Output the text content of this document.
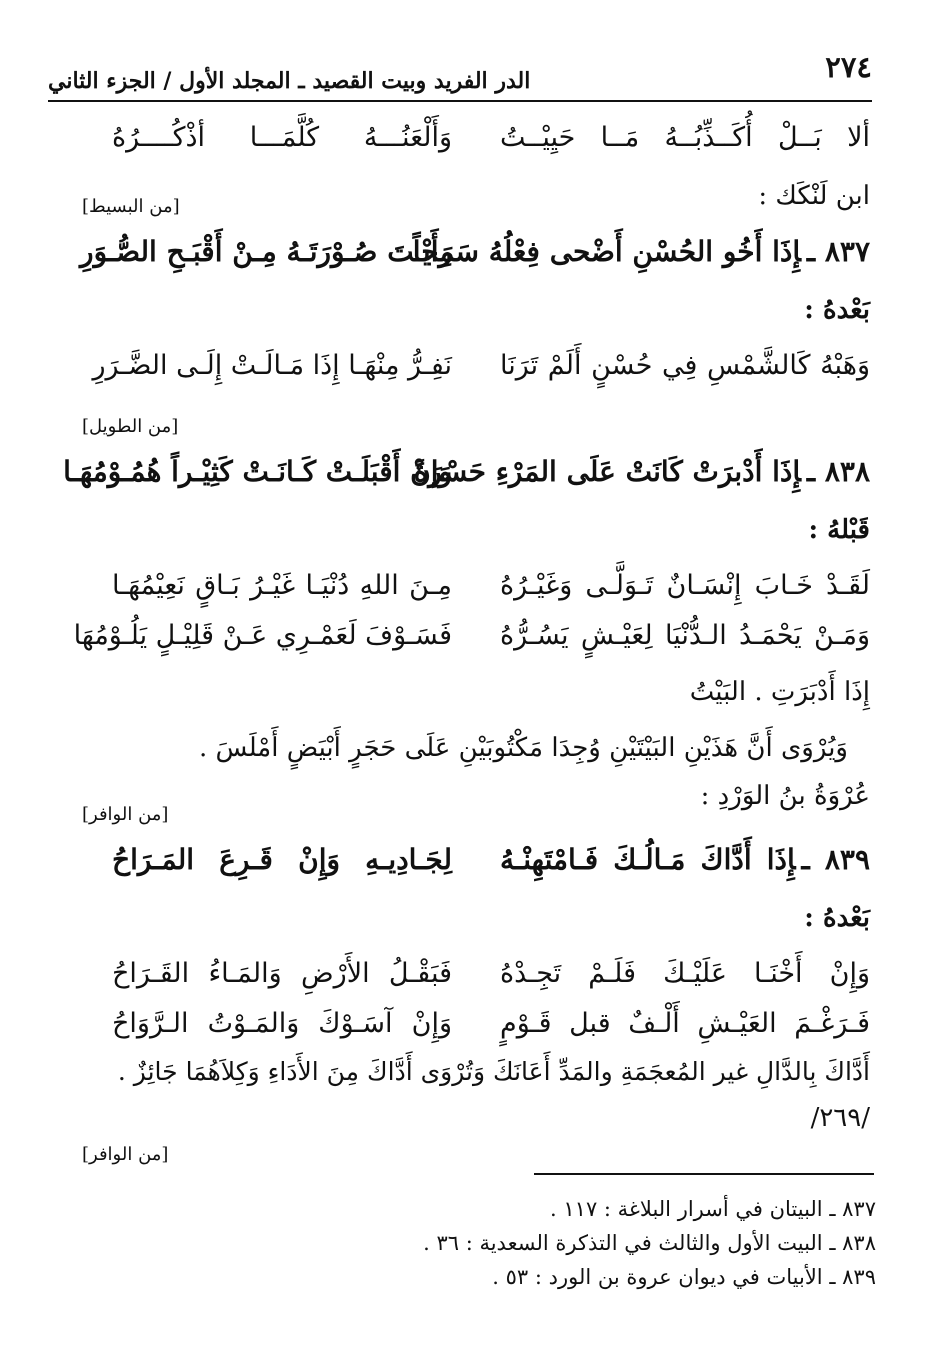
٢٧٤
الدر الفريد وبيت القصيد ـ المجلد الأول / الجزء الثاني
ألا بَــلْ أُكَــذِّبُــهُ مَــا حَيِيْــتُ
وَأَلْعَنُـــهُ كُلَّمَـــا أذْكُــــرُهُ
ابن لَنْكَك :
[من البسيط]
٨٣٧ ـإِذَا أَخُو الحُسْنِ أَضْحى فِعْلُهُ سَمِجاً
رَأَيْـتَ صُـوْرَتَـهُ مِـنْ أَقْبَـحِ الصُّـوَرِ
بَعْدهُ :
وَهَبْهُ كَالشَّمْسِ فِي حُسْنٍ أَلَمْ تَرَنَا
نَفِـرُّ مِنْهَـا إِذَا مَـالَـتْ إِلَـى الضَّـرَرِ
[من الطويل]
٨٣٨ ـإِذَا أَدْبرَتْ كَانَتْ عَلَى المَرْءِ حَسْرَةً
وَإنْ أَقْبَلَـتْ كَـانَـتْ كَثِيْـراً هُمُـوْمُهَـا
قَبْلهُ :
لَقَـدْ خَـابَ إِنْسَـانٌ تَـوَلَّـى وَغَيْـرُهُ
مِـنَ اللهِ دُنْيَـا غَيْـرُ بَـاقٍ نَعِيْمُهَـا
وَمَـنْ يَحْمَـدُ الـدُّنْيَا لِعَيْـشٍ يَسُـرُّهُ
فَسَـوْفَ لَعَمْـرِي عَـنْ قَلِيْـلٍ يَلُـوْمُهَا
إِذَا أَدْبَرَتِ . البَيْتُ
وَيُرْوَى أَنَّ هَذَيْنِ البَيْتَيْنِ وُجِدَا مَكْتُوبَيْنِ عَلَى حَجَرٍ أَبْيَضٍ أَمْلَسَ .
عُرْوَةُ بنُ الوَرْدِ :
[من الوافر]
٨٣٩ ـإِذَا أَدَّاكَ مَـالُـكَ فَـامْتَهِنْـهُ
لِجَـادِيـهِ وَإِنْ قَـرِعَ المَـرَاحُ
بَعْدهُ :
وَإِنْ أَخْنَـا عَلَيْـكَ فَلَـمْ تَجِـدْهُ
فَبَقْـلُ الأَرْضِ وَالمَـاءُ القَـرَاحُ
فَـرَغْـمَ العَيْـشِ أَلْـفٌ قبل قَـوْمٍ
وَإِنْ آسَـوْكَ وَالمَـوْتُ الـرَّوَاحُ
أَدَّاكَ بِالدَّالِ غير المُعجَمَةِ والمَدِّ أَعَانَكَ وَتُرْوَى أَدَّاكَ مِنَ الأَدَاءِ وَكِلاَهُمَا جَائِزٌ .
/٢٦٩/
[من الوافر]
٨٣٧ ـ البيتان في أسرار البلاغة : ١١٧ .
٨٣٨ ـ البيت الأول والثالث في التذكرة السعدية : ٣٦ .
٨٣٩ ـ الأبيات في ديوان عروة بن الورد : ٥٣ .
